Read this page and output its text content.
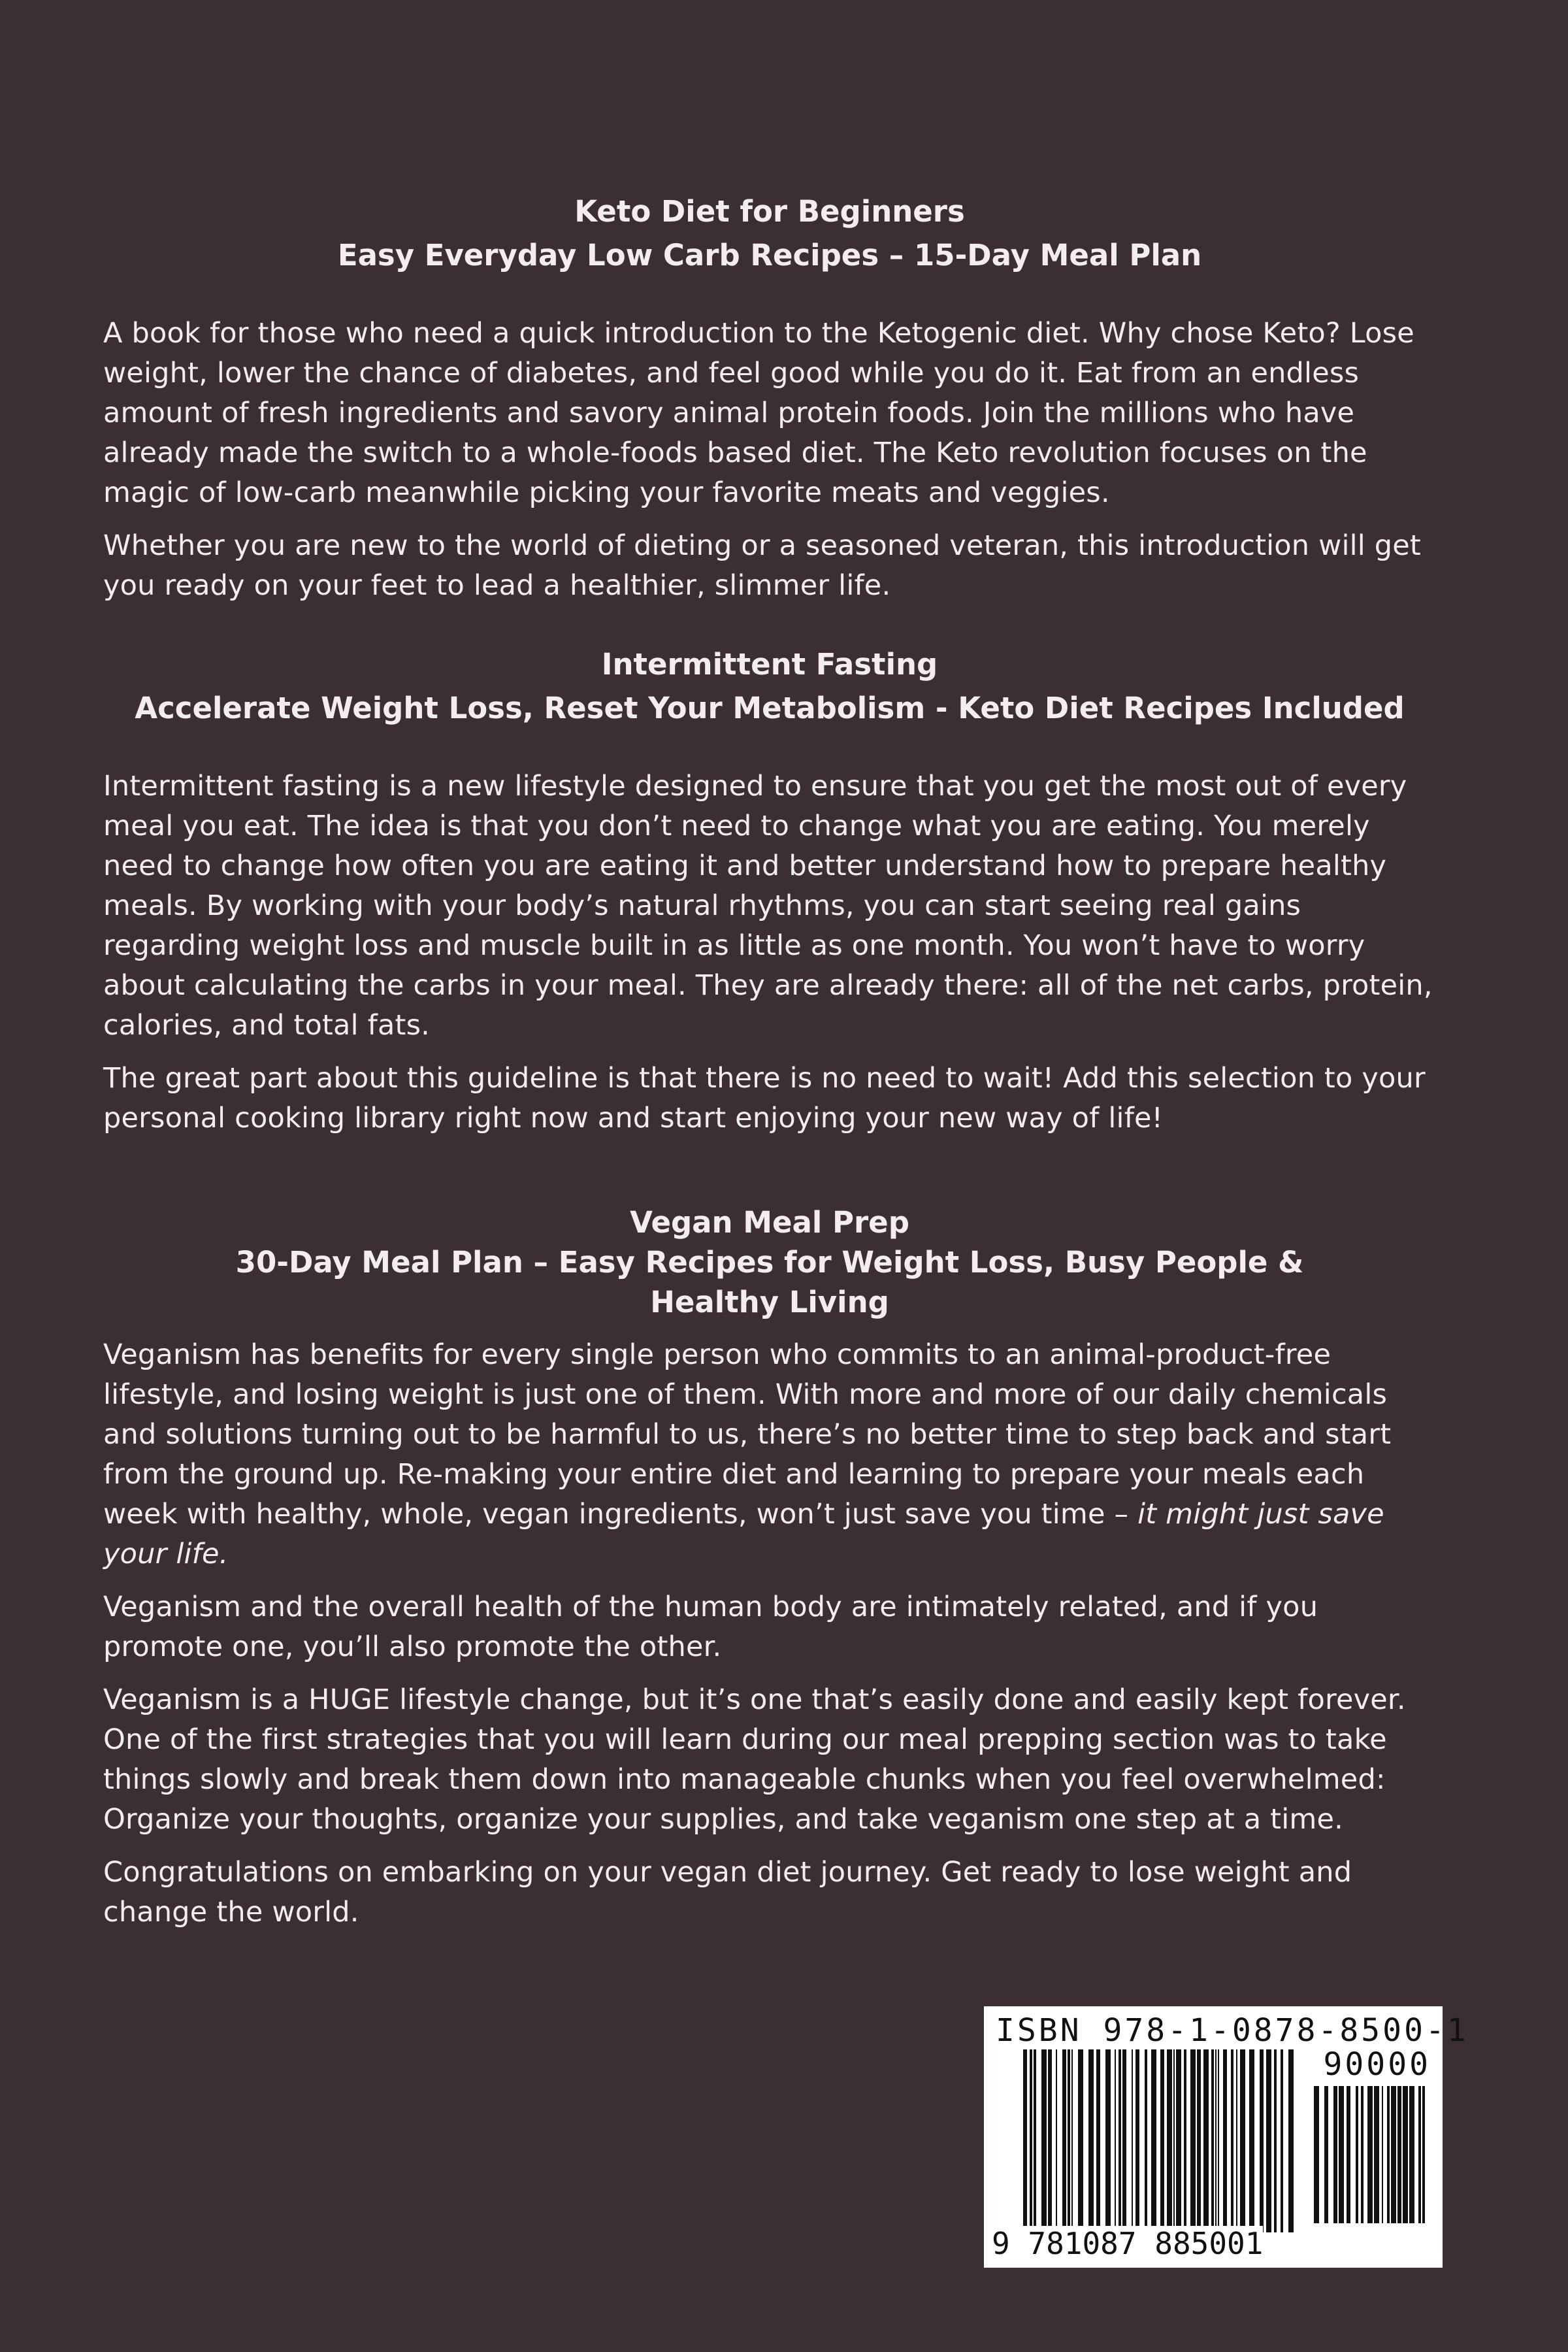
Keto Diet for Beginners

Easy Everyday Low Carb Recipes – 15-Day Meal Plan

A book for those who need a quick introduction to the Ketogenic diet. Why chose Keto? Lose weight, lower the chance of diabetes, and feel good while you do it. Eat from an endless amount of fresh ingredients and savory animal protein foods. Join the millions who have already made the switch to a whole-foods based diet. The Keto revolution focuses on the magic of low-carb meanwhile picking your favorite meats and veggies.

Whether you are new to the world of dieting or a seasoned veteran, this introduction will get you ready on your feet to lead a healthier, slimmer life.

Intermittent Fasting

Accelerate Weight Loss, Reset Your Metabolism - Keto Diet Recipes Included

Intermittent fasting is a new lifestyle designed to ensure that you get the most out of every meal you eat. The idea is that you don’t need to change what you are eating. You merely need to change how often you are eating it and better understand how to prepare healthy meals. By working with your body’s natural rhythms, you can start seeing real gains regarding weight loss and muscle built in as little as one month. You won’t have to worry about calculating the carbs in your meal. They are already there: all of the net carbs, protein, calories, and total fats.

The great part about this guideline is that there is no need to wait! Add this selection to your personal cooking library right now and start enjoying your new way of life!

Vegan Meal Prep

30-Day Meal Plan – Easy Recipes for Weight Loss, Busy People & Healthy Living

Veganism has benefits for every single person who commits to an animal-product-free lifestyle, and losing weight is just one of them. With more and more of our daily chemicals and solutions turning out to be harmful to us, there’s no better time to step back and start from the ground up. Re-making your entire diet and learning to prepare your meals each week with healthy, whole, vegan ingredients, won’t just save you time – it might just save your life.

Veganism and the overall health of the human body are intimately related, and if you promote one, you’ll also promote the other.

Veganism is a HUGE lifestyle change, but it’s one that’s easily done and easily kept forever. One of the first strategies that you will learn during our meal prepping section was to take things slowly and break them down into manageable chunks when you feel overwhelmed: Organize your thoughts, organize your supplies, and take veganism one step at a time.

Congratulations on embarking on your vegan diet journey. Get ready to lose weight and change the world.

ISBN 978-1-0878-8500-1
90000
9 781087 885001
